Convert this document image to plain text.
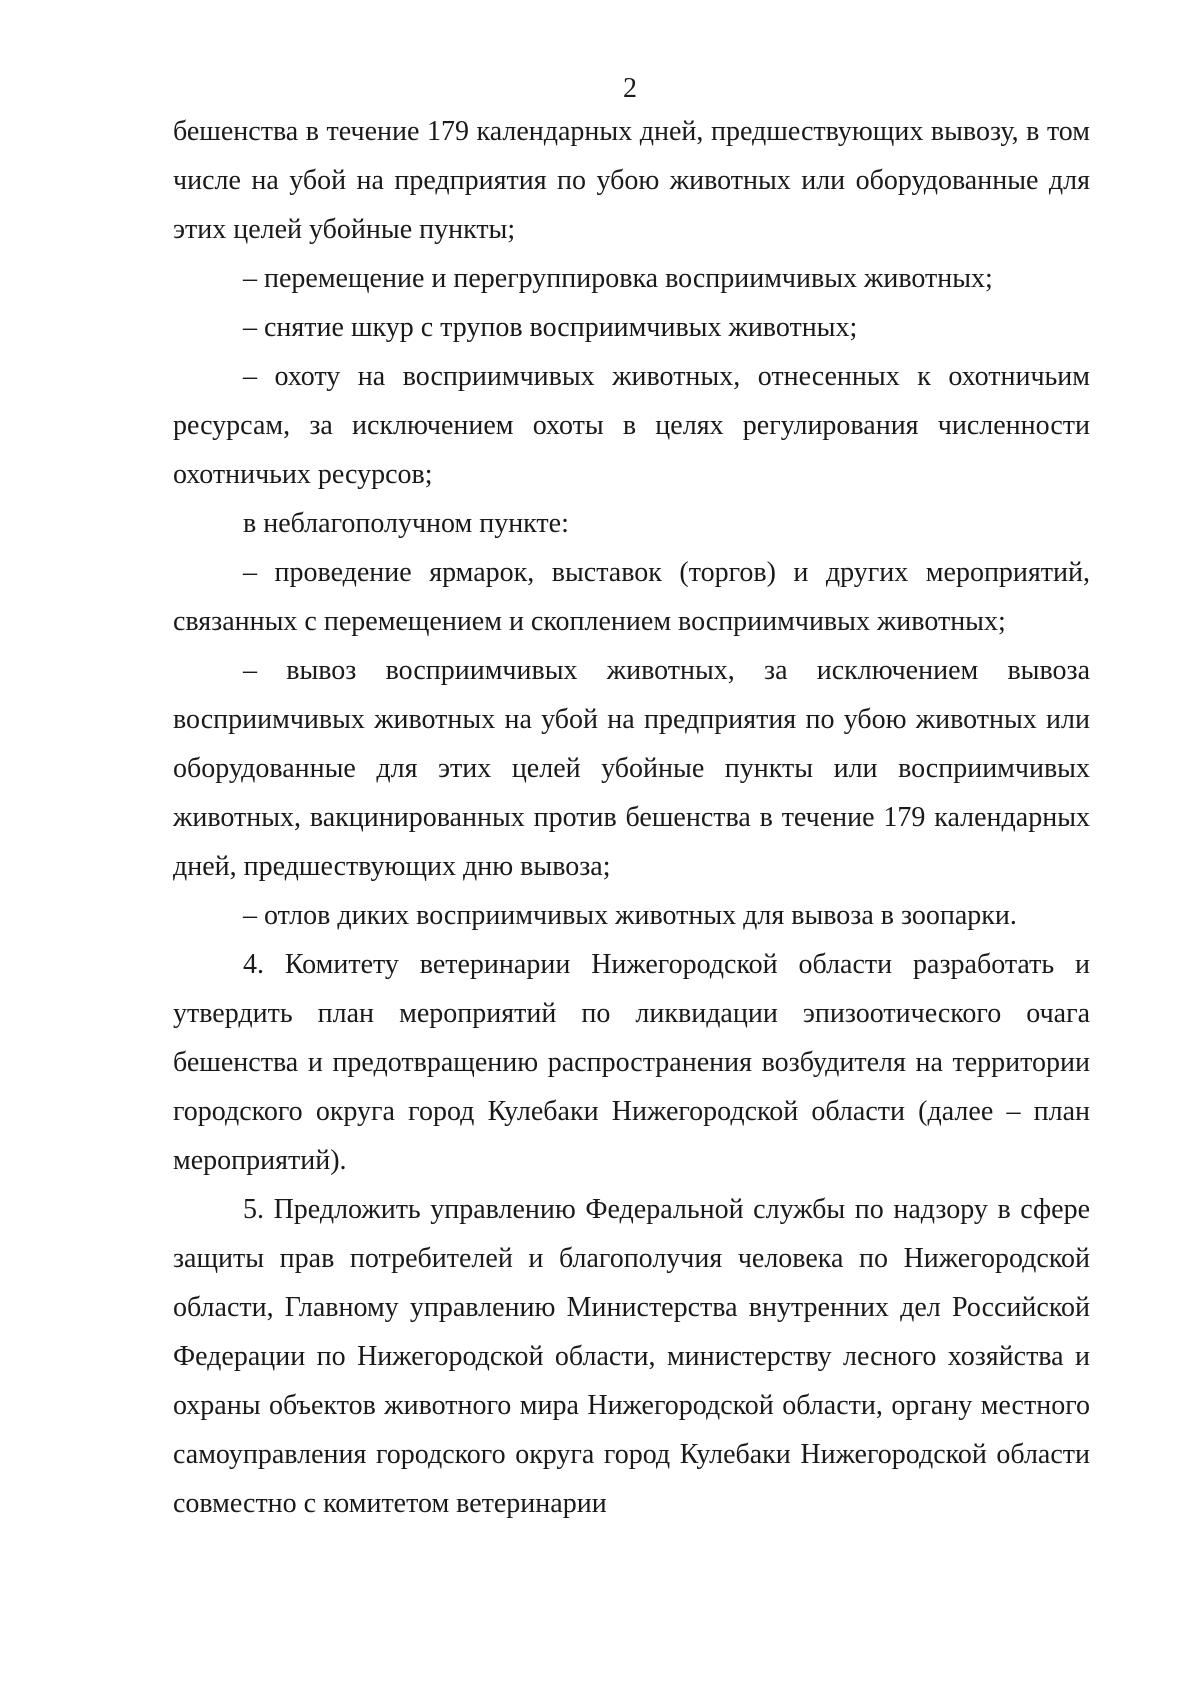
2

бешенства в течение 179 календарных дней, предшествующих вывозу, в том числе на убой на предприятия по убою животных или оборудованные для этих целей убойные пункты;

– перемещение и перегруппировка восприимчивых животных;

– снятие шкур с трупов восприимчивых животных;

– охоту на восприимчивых животных, отнесенных к охотничьим ресурсам, за исключением охоты в целях регулирования численности охотничьих ресурсов;

в неблагополучном пункте:

– проведение ярмарок, выставок (торгов) и других мероприятий, связанных с перемещением и скоплением восприимчивых животных;

– вывоз восприимчивых животных, за исключением вывоза восприимчивых животных на убой на предприятия по убою животных или оборудованные для этих целей убойные пункты или восприимчивых животных, вакцинированных против бешенства в течение 179 календарных дней, предшествующих дню вывоза;

– отлов диких восприимчивых животных для вывоза в зоопарки.

4. Комитету ветеринарии Нижегородской области разработать и утвердить план мероприятий по ликвидации эпизоотического очага бешенства и предотвращению распространения возбудителя на территории городского округа город Кулебаки Нижегородской области (далее – план мероприятий).

5. Предложить управлению Федеральной службы по надзору в сфере защиты прав потребителей и благополучия человека по Нижегородской области, Главному управлению Министерства внутренних дел Российской Федерации по Нижегородской области, министерству лесного хозяйства и охраны объектов животного мира Нижегородской области, органу местного самоуправления городского округа город Кулебаки Нижегородской области совместно с комитетом ветеринарии
